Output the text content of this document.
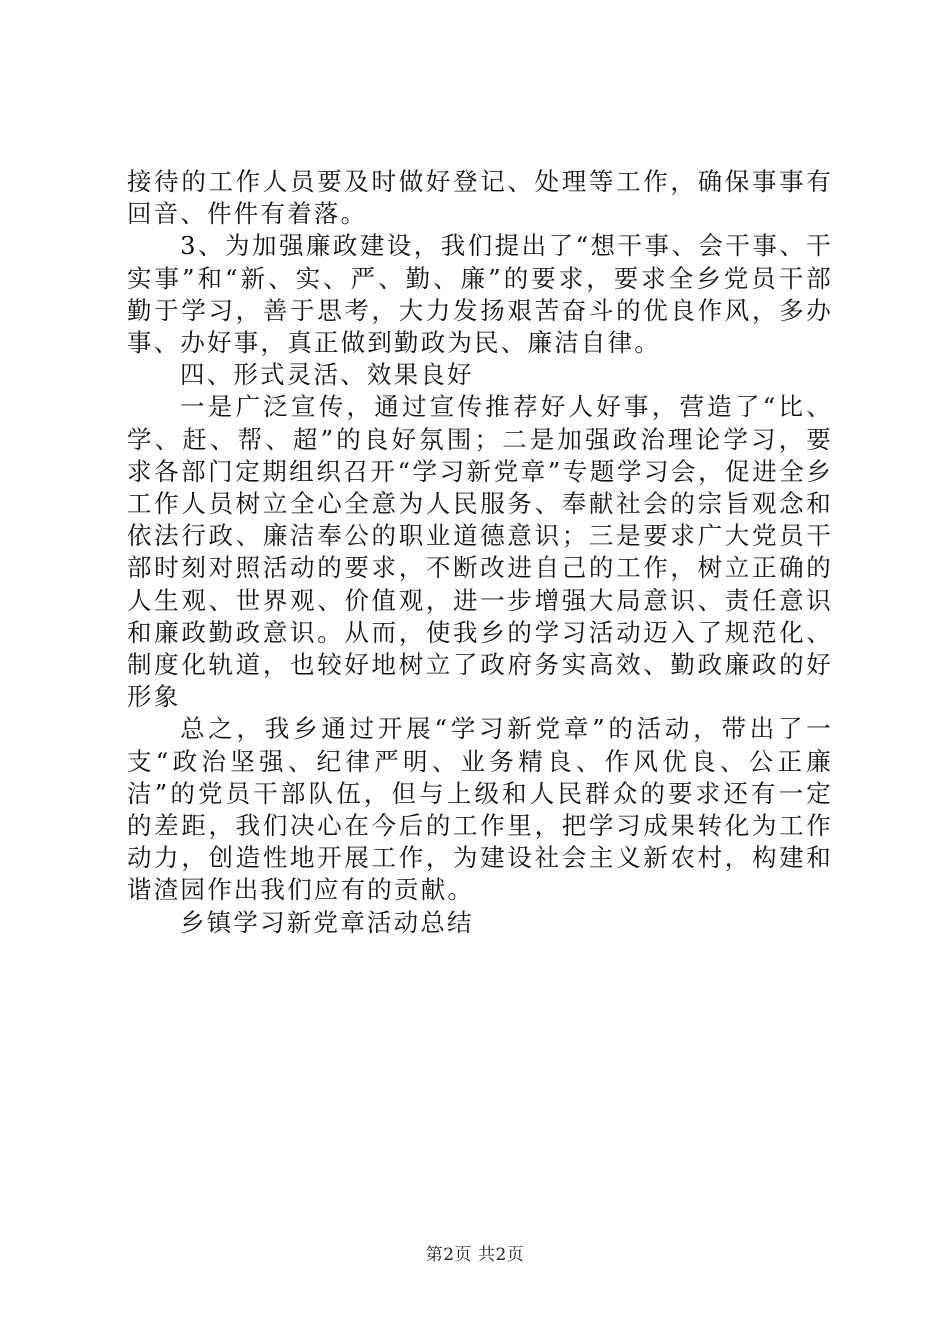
接待的工作人员要及时做好登记、处理等工作，确保事事有回音、件件有着落。

3、为加强廉政建设，我们提出了“想干事、会干事、干实事”和“新、实、严、勤、廉”的要求，要求全乡党员干部勤于学习，善于思考，大力发扬艰苦奋斗的优良作风，多办事、办好事，真正做到勤政为民、廉洁自律。

四、形式灵活、效果良好

一是广泛宣传，通过宣传推荐好人好事，营造了“比、学、赶、帮、超”的良好氛围；二是加强政治理论学习，要求各部门定期组织召开“学习新党章”专题学习会，促进全乡工作人员树立全心全意为人民服务、奉献社会的宗旨观念和依法行政、廉洁奉公的职业道德意识；三是要求广大党员干部时刻对照活动的要求，不断改进自己的工作，树立正确的人生观、世界观、价值观，进一步增强大局意识、责任意识和廉政勤政意识。从而，使我乡的学习活动迈入了规范化、制度化轨道，也较好地树立了政府务实高效、勤政廉政的好形象

总之，我乡通过开展“学习新党章”的活动，带出了一支“政治坚强、纪律严明、业务精良、作风优良、公正廉洁”的党员干部队伍，但与上级和人民群众的要求还有一定的差距，我们决心在今后的工作里，把学习成果转化为工作动力，创造性地开展工作，为建设社会主义新农村，构建和谐渣园作出我们应有的贡献。

乡镇学习新党章活动总结

第2页 共2页
